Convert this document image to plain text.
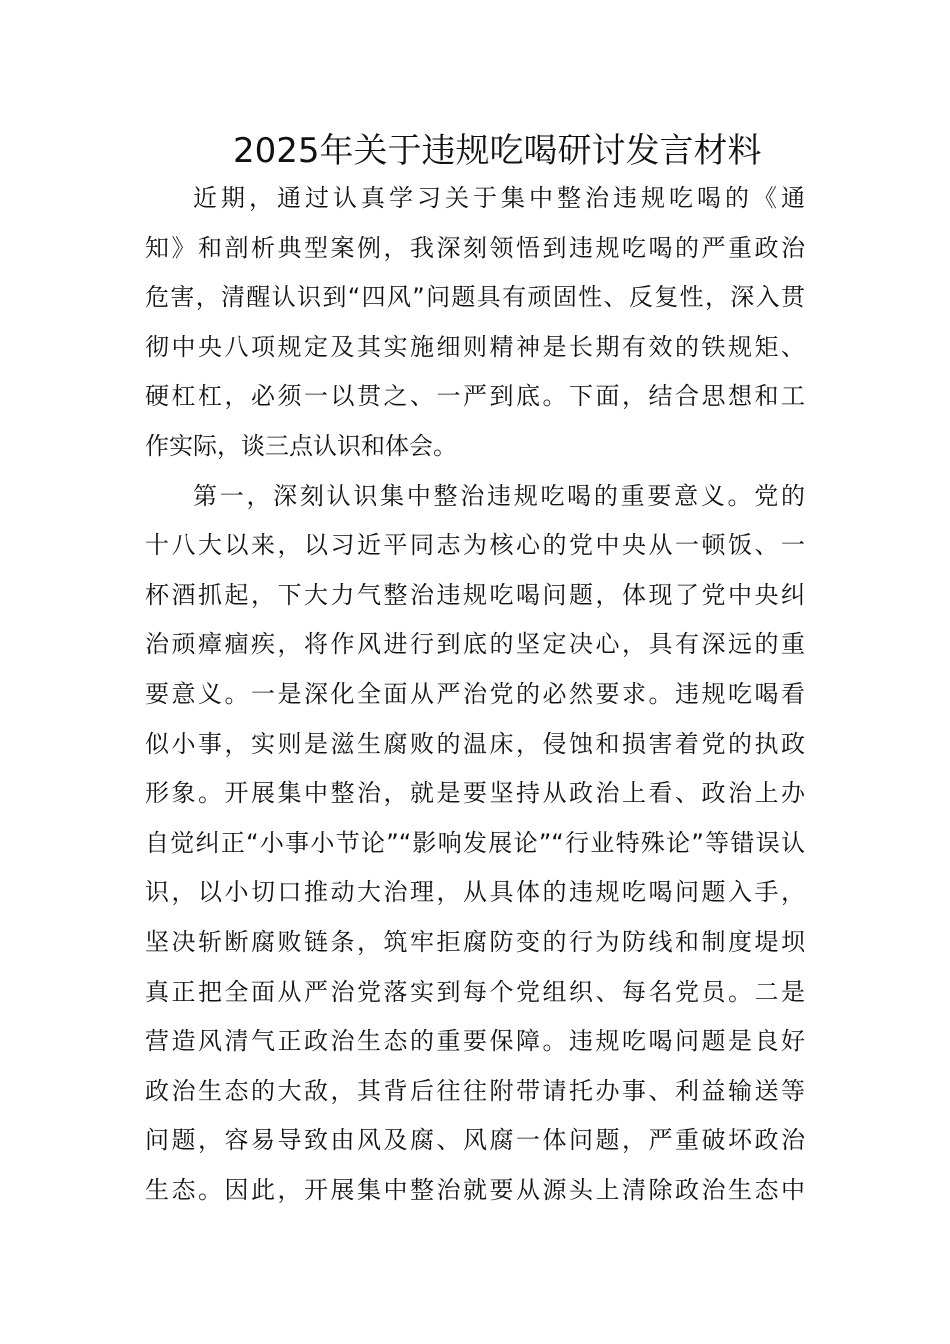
2025年关于违规吃喝研讨发言材料

近期，通过认真学习关于集中整治违规吃喝的《通
知》和剖析典型案例，我深刻领悟到违规吃喝的严重政治
危害，清醒认识到“四风”问题具有顽固性、反复性，深入贯
彻中央八项规定及其实施细则精神是长期有效的铁规矩、
硬杠杠，必须一以贯之、一严到底。下面，结合思想和工
作实际，谈三点认识和体会。

第一，深刻认识集中整治违规吃喝的重要意义。党的
十八大以来，以习近平同志为核心的党中央从一顿饭、一
杯酒抓起，下大力气整治违规吃喝问题，体现了党中央纠
治顽瘴痼疾，将作风进行到底的坚定决心，具有深远的重
要意义。一是深化全面从严治党的必然要求。违规吃喝看
似小事，实则是滋生腐败的温床，侵蚀和损害着党的执政
形象。开展集中整治，就是要坚持从政治上看、政治上办
自觉纠正“小事小节论”“影响发展论”“行业特殊论”等错误认
识，以小切口推动大治理，从具体的违规吃喝问题入手，
坚决斩断腐败链条，筑牢拒腐防变的行为防线和制度堤坝
真正把全面从严治党落实到每个党组织、每名党员。二是
营造风清气正政治生态的重要保障。违规吃喝问题是良好
政治生态的大敌，其背后往往附带请托办事、利益输送等
问题，容易导致由风及腐、风腐一体问题，严重破坏政治
生态。因此，开展集中整治就要从源头上清除政治生态中
